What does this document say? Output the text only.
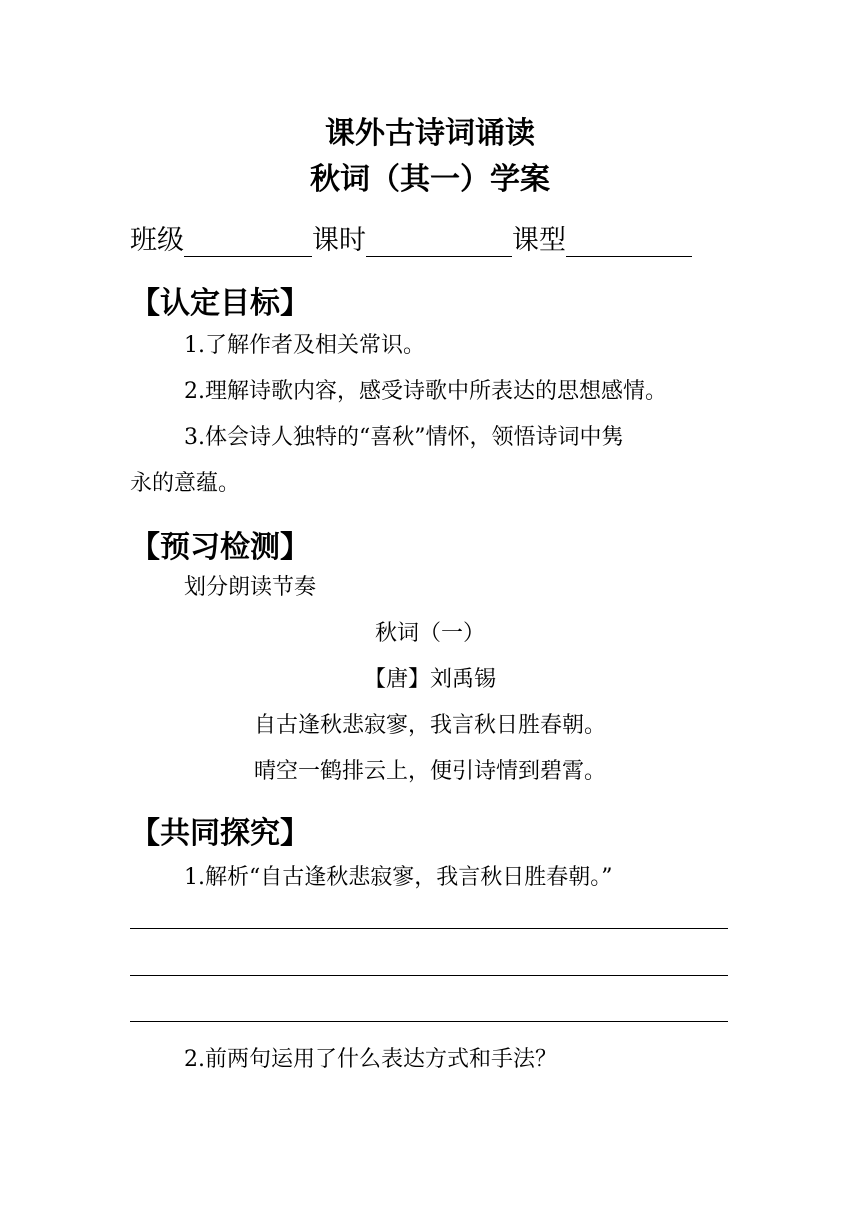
课外古诗词诵读
秋词（其一）学案
班级	课时	课型
【认定目标】
1.了解作者及相关常识。
2.理解诗歌内容，感受诗歌中所表达的思想感情。
3.体会诗人独特的“喜秋”情怀，领悟诗词中隽
永的意蕴。
【预习检测】
划分朗读节奏
秋词（一）
【唐】刘禹锡
自古逢秋悲寂寥，我言秋日胜春朝。
晴空一鹤排云上，便引诗情到碧霄。
【共同探究】
1.解析“自古逢秋悲寂寥，我言秋日胜春朝。”
2.前两句运用了什么表达方式和手法？
